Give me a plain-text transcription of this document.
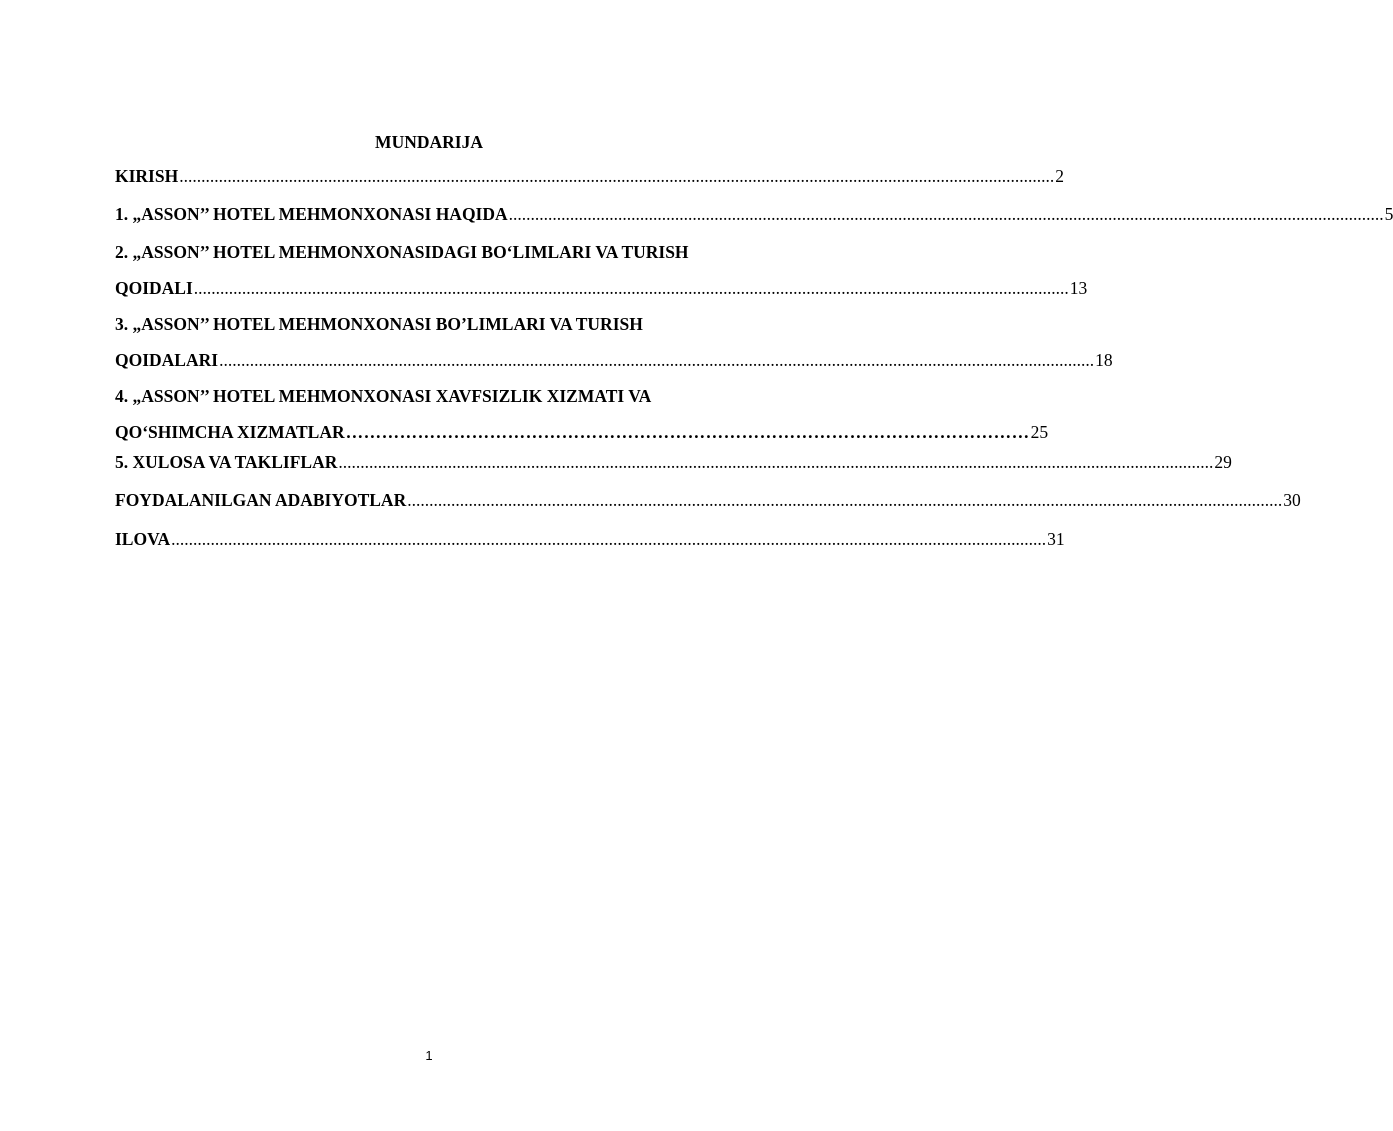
MUNDARIJA
KIRISH ........................................................................................................................................................................................................ 2
1. „ASSON’’ HOTEL MEHMONXONASI HAQIDA ........................................................................................................................................................................................................ 5
2. „ASSON’’ HOTEL MEHMONXONASIDAGI BO‘LIMLARI VA TURISH
QOIDALI ........................................................................................................................................................................................................ 13
3. „ASSON’’ HOTEL MEHMONXONASI BO’LIMLARI VA TURISH
QOIDALARI ........................................................................................................................................................................................................ 18
4. „ASSON’’ HOTEL MEHMONXONASI XAVFSIZLIK XIZMATI VA
QO‘SHIMCHA XIZMATLAR …………………………………………………………………………………………………… 25
5. XULOSA VA TAKLIFLAR ........................................................................................................................................................................................................ 29
FOYDALANILGAN ADABIYOTLAR ........................................................................................................................................................................................................ 30
ILOVA ........................................................................................................................................................................................................ 31
1
